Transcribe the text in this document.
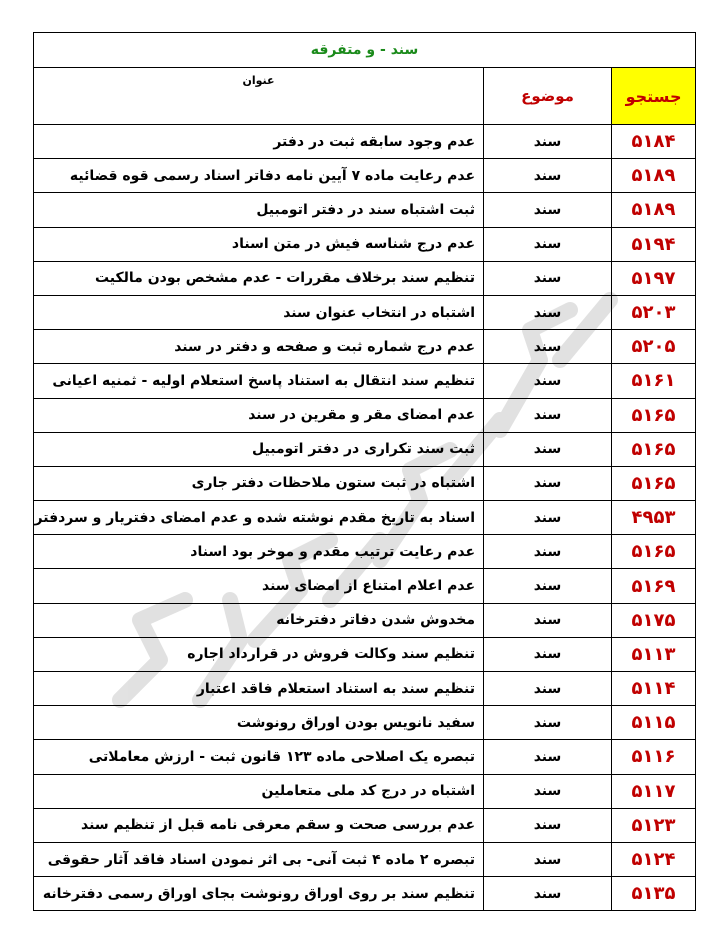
سند - و متفرقه		
جستجو	موضوع	عنوان
۵۱۸۴	سند	عدم وجود سابقه ثبت در دفتر
۵۱۸۹	سند	عدم رعایت ماده ۷ آیین نامه دفاتر اسناد رسمی قوه قضائیه
۵۱۸۹	سند	ثبت اشتباه سند در دفتر اتومبیل
۵۱۹۴	سند	عدم درج شناسه فیش در متن اسناد
۵۱۹۷	سند	تنظیم سند برخلاف مقررات - عدم مشخص بودن مالکیت
۵۲۰۳	سند	اشتباه در انتخاب عنوان سند
۵۲۰۵	سند	عدم درج شماره ثبت و صفحه و دفتر در سند
۵۱۶۱	سند	تنظیم سند انتقال به استناد پاسخ استعلام اولیه - ثمنیه اعیانی
۵۱۶۵	سند	عدم امضای مقر و مقرین در سند
۵۱۶۵	سند	ثبت سند تکراری در دفتر اتومبیل
۵۱۶۵	سند	اشتباه در ثبت ستون ملاحظات دفتر جاری
۴۹۵۳	سند	اسناد به تاریخ مقدم نوشته شده و عدم امضای دفتریار و سردفتر
۵۱۶۵	سند	عدم رعایت ترتیب مقدم و موخر بود اسناد
۵۱۶۹	سند	عدم اعلام امتناع از امضای سند
۵۱۷۵	سند	مخدوش شدن دفاتر دفترخانه
۵۱۱۳	سند	تنظیم سند وکالت فروش در قرارداد اجاره
۵۱۱۴	سند	تنظیم سند به استناد استعلام فاقد اعتبار
۵۱۱۵	سند	سفید نانویس بودن اوراق رونوشت
۵۱۱۶	سند	تبصره یک اصلاحی ماده ۱۲۳ قانون ثبت - ارزش معاملاتی
۵۱۱۷	سند	اشتباه در درج کد ملی متعاملین
۵۱۲۳	سند	عدم بررسی صحت و سقم معرفی نامه قبل از تنظیم سند
۵۱۲۴	سند	تبصره ۲ ماده ۴ ثبت آنی- بی اثر نمودن اسناد فاقد آثار حقوقی
۵۱۳۵	سند	تنظیم سند بر روی اوراق رونوشت بجای اوراق رسمی دفترخانه
